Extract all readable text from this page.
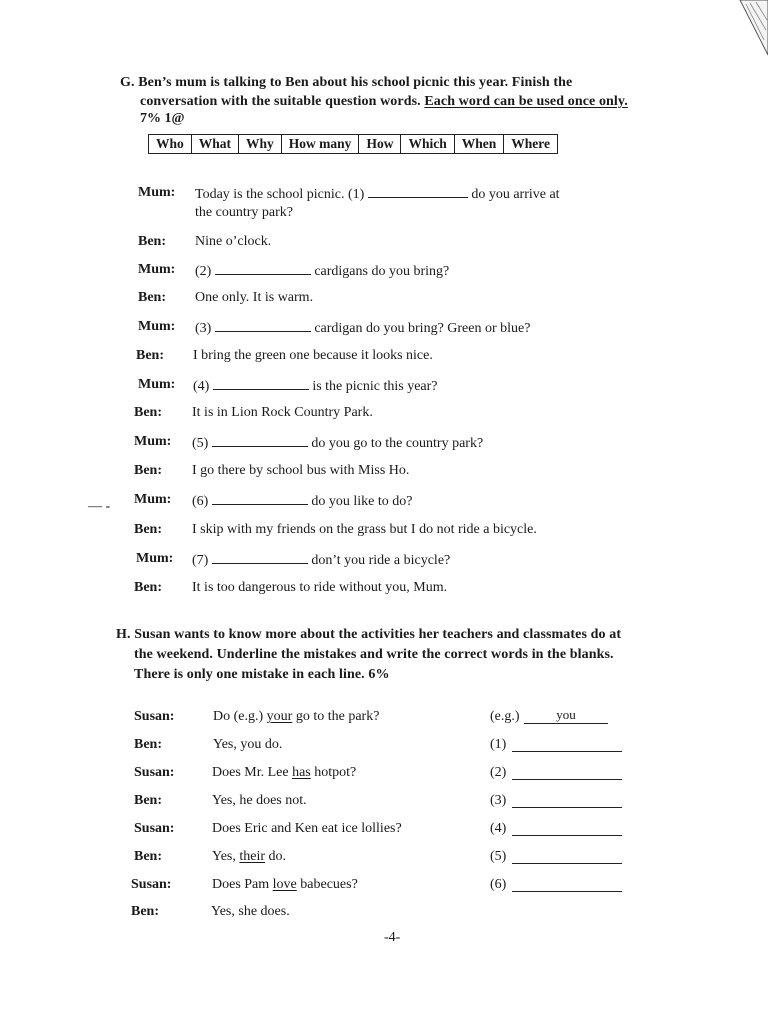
G. Ben’s mum is talking to Ben about his school picnic this year. Finish the
conversation with the suitable question words. Each word can be used once only.
7% 1@
Who	What	Why	How many	How	Which	When	Where
Mum: Today is the school picnic. (1)	do you arrive at
the country park?
Ben: Nine o’clock.
Mum: (2)	cardigans do you bring?
Ben: One only. It is warm.
Mum: (3)	cardigan do you bring? Green or blue?
Ben: I bring the green one because it looks nice.
Mum: (4)	is the picnic this year?
Ben: It is in Lion Rock Country Park.
Mum: (5)	do you go to the country park?
Ben: I go there by school bus with Miss Ho.
Mum: (6)	do you like to do?
Ben: I skip with my friends on the grass but I do not ride a bicycle.
Mum: (7)	don’t you ride a bicycle?
Ben: It is too dangerous to ride without you, Mum.
— -
H. Susan wants to know more about the activities her teachers and classmates do at
the weekend. Underline the mistakes and write the correct words in the blanks.
There is only one mistake in each line. 6%
Susan:	Do (e.g.) your go to the park?	(e.g.)	you
Ben:	Yes, you do.	(1)
Susan:	Does Mr. Lee has hotpot?	(2)
Ben:	Yes, he does not.	(3)
Susan:	Does Eric and Ken eat ice lollies?	(4)
Ben:	Yes, their do.	(5)
Susan:	Does Pam love babecues?	(6)
Ben:	Yes, she does.
-4-
